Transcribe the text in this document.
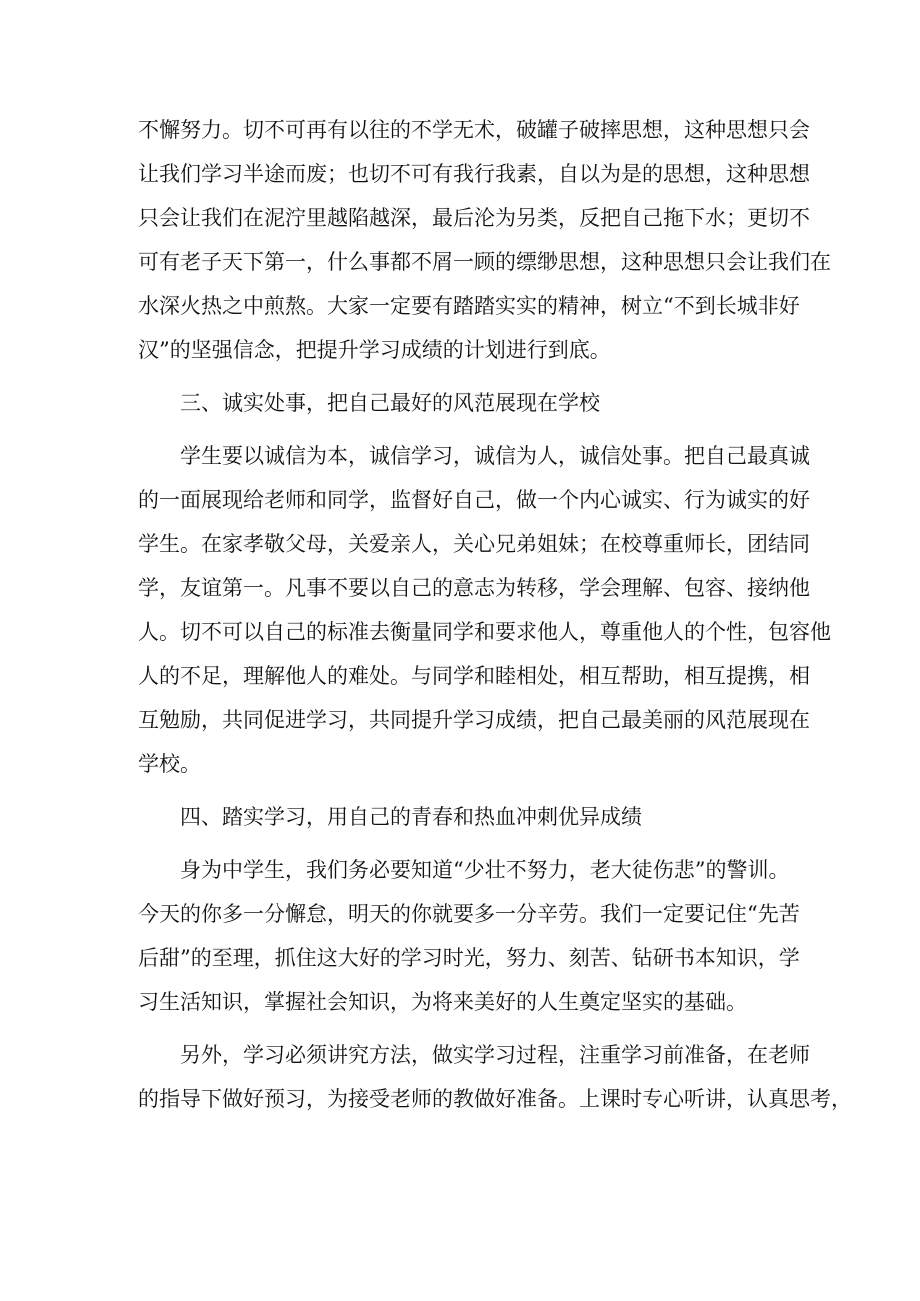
不懈努力。切不可再有以往的不学无术，破罐子破摔思想，这种思想只会
让我们学习半途而废；也切不可有我行我素，自以为是的思想，这种思想
只会让我们在泥泞里越陷越深，最后沦为另类，反把自己拖下水；更切不
可有老子天下第一，什么事都不屑一顾的缥缈思想，这种思想只会让我们在
水深火热之中煎熬。大家一定要有踏踏实实的精神，树立“不到长城非好
汉”的坚强信念，把提升学习成绩的计划进行到底。
三、诚实处事，把自己最好的风范展现在学校
学生要以诚信为本，诚信学习，诚信为人，诚信处事。把自己最真诚
的一面展现给老师和同学，监督好自己，做一个内心诚实、行为诚实的好
学生。在家孝敬父母，关爱亲人，关心兄弟姐妹；在校尊重师长，团结同
学，友谊第一。凡事不要以自己的意志为转移，学会理解、包容、接纳他
人。切不可以自己的标准去衡量同学和要求他人，尊重他人的个性，包容他
人的不足，理解他人的难处。与同学和睦相处，相互帮助，相互提携，相
互勉励，共同促进学习，共同提升学习成绩，把自己最美丽的风范展现在
学校。
四、踏实学习，用自己的青春和热血冲刺优异成绩
身为中学生，我们务必要知道“少壮不努力，老大徒伤悲”的警训。
今天的你多一分懈怠，明天的你就要多一分辛劳。我们一定要记住“先苦
后甜”的至理，抓住这大好的学习时光，努力、刻苦、钻研书本知识，学
习生活知识，掌握社会知识，为将来美好的人生奠定坚实的基础。
另外，学习必须讲究方法，做实学习过程，注重学习前准备，在老师
的指导下做好预习，为接受老师的教做好准备。上课时专心听讲，认真思考，
